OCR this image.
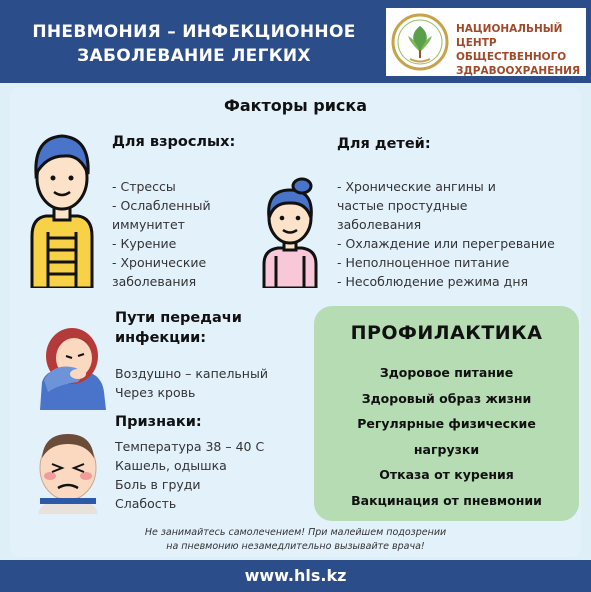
ПНЕВМОНИЯ – ИНФЕКЦИОННОЕ
ЗАБОЛЕВАНИЕ ЛЕГКИХ
НАЦИОНАЛЬНЫЙ ЦЕНТР
ОБЩЕСТВЕННОГО
ЗДРАВООХРАНЕНИЯ
Факторы риска
Для взрослых:
- Стрессы
- Ослабленный
иммунитет
- Курение
- Хронические
заболевания
Для детей:
- Хронические ангины и
частые простудные
заболевания
- Охлаждение или перегревание
- Неполноценное питание
- Несоблюдение режима дня
Пути передачи
инфекции:
Воздушно – капельный
Через кровь
Признаки:
Температура 38 – 40 С
Кашель, одышка
Боль в груди
Слабость
ПРОФИЛАКТИКА
Здоровое питание
Здоровый образ жизни
Регулярные физические
нагрузки
Отказа от курения
Вакцинация от пневмонии
Не занимайтесь самолечением! При малейшем подозрении
на пневмонию незамедлительно вызывайте врача!
www.hls.kz
